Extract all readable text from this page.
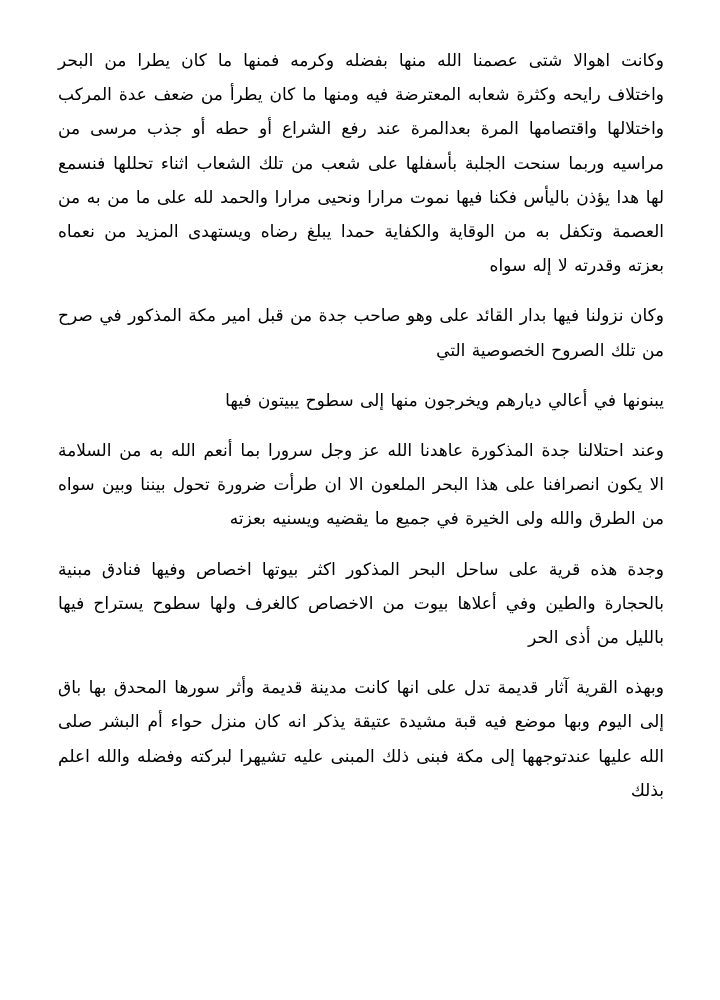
وكانت اهوالا شتى عصمنا الله منها بفضله وكرمه فمنها ما كان يطرا من البحر واختلاف رايحه وكثرة شعابه المعترضة فيه ومنها ما كان يطرأ من ضعف عدة المركب واختلالها واقتصامها المرة بعدالمرة عند رفع الشراع أو حطه أو جذب مرسى من مراسيه وربما سنحت الجلبة بأسفلها على شعب من تلك الشعاب اثناء تحللها فنسمع لها هدا يؤذن باليأس فكنا فيها نموت مرارا ونحيى مرارا والحمد لله على ما من به من العصمة وتكفل به من الوقاية والكفاية حمدا يبلغ رضاه ويستهدى المزيد من نعماه بعزته وقدرته لا إله سواه

وكان نزولنا فيها بدار القائد على وهو صاحب جدة من قبل امير مكة المذكور في صرح من تلك الصروح الخصوصية التي

يبنونها في أعالي ديارهم ويخرجون منها إلى سطوح يبيتون فيها

وعند احتلالنا جدة المذكورة عاهدنا الله عز وجل سرورا بما أنعم الله به من السلامة الا يكون انصرافنا على هذا البحر الملعون الا ان طرأت ضرورة تحول بيننا وبين سواه من الطرق والله ولى الخيرة في جميع ما يقضيه ويسنيه بعزته

وجدة هذه قرية على ساحل البحر المذكور اكثر بيوتها اخصاص وفيها فنادق مبنية بالحجارة والطين وفي أعلاها بيوت من الاخصاص كالغرف ولها سطوح يستراح فيها بالليل من أذى الحر

وبهذه القرية آثار قديمة تدل على انها كانت مدينة قديمة وأثر سورها المحدق بها باق إلى اليوم وبها موضع فيه قبة مشيدة عتيقة يذكر انه كان منزل حواء أم البشر صلى الله عليها عندتوجهها إلى مكة فبنى ذلك المبنى عليه تشيهرا لبركته وفضله والله اعلم بذلك
